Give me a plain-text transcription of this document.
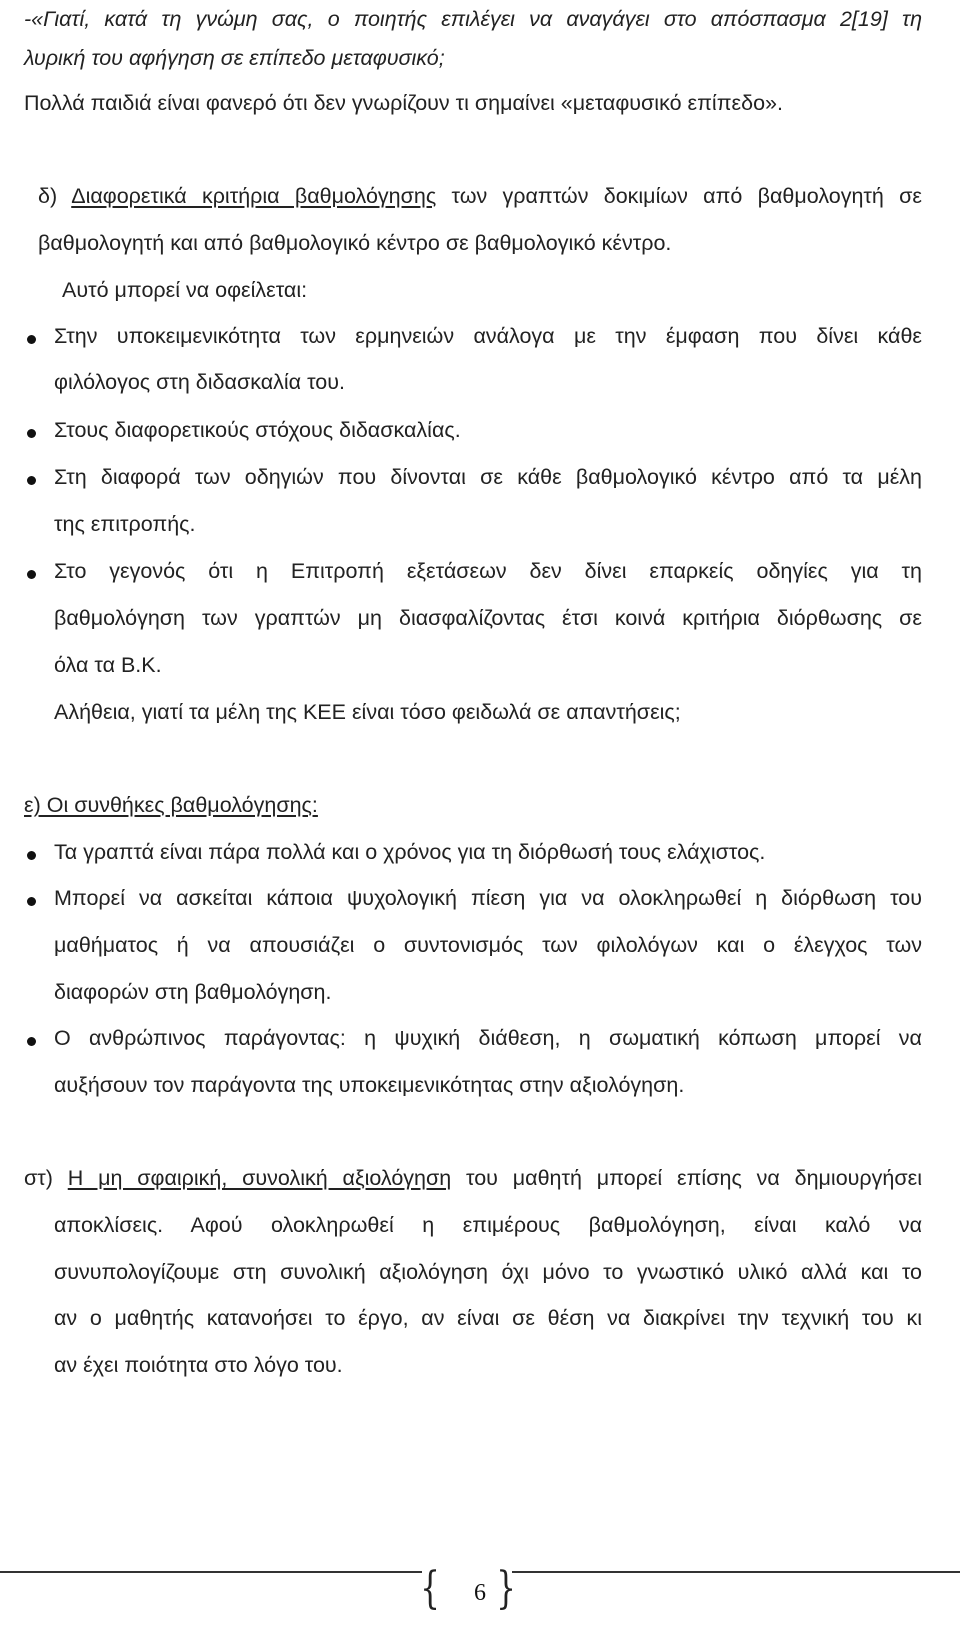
-«Γιατί, κατά τη γνώμη σας, ο ποιητής επιλέγει να αναγάγει στο απόσπασμα 2[19] τη
λυρική του αφήγηση σε επίπεδο μεταφυσικό;
Πολλά παιδιά είναι φανερό ότι δεν γνωρίζουν τι σημαίνει «μεταφυσικό επίπεδο».
δ) Διαφορετικά κριτήρια βαθμολόγησης των γραπτών δοκιμίων από βαθμολογητή σε
βαθμολογητή και από βαθμολογικό κέντρο σε βαθμολογικό κέντρο.
Αυτό μπορεί να οφείλεται:
Στην υποκειμενικότητα των ερμηνειών ανάλογα με την έμφαση που δίνει κάθε
φιλόλογος στη διδασκαλία του.
Στους διαφορετικούς στόχους διδασκαλίας.
Στη διαφορά των οδηγιών που δίνονται σε κάθε βαθμολογικό κέντρο από τα μέλη
της επιτροπής.
Στο γεγονός ότι η Επιτροπή εξετάσεων δεν δίνει επαρκείς οδηγίες για τη
βαθμολόγηση των γραπτών μη διασφαλίζοντας έτσι κοινά κριτήρια διόρθωσης σε
όλα τα Β.Κ.
Αλήθεια, γιατί τα μέλη της ΚΕΕ είναι τόσο φειδωλά σε απαντήσεις;
ε) Οι συνθήκες βαθμολόγησης:
Τα γραπτά είναι πάρα πολλά και ο χρόνος για τη διόρθωσή τους ελάχιστος.
Μπορεί να ασκείται κάποια ψυχολογική πίεση για να ολοκληρωθεί η διόρθωση του
μαθήματος ή να απουσιάζει ο συντονισμός των φιλολόγων και ο έλεγχος των
διαφορών στη βαθμολόγηση.
Ο ανθρώπινος παράγοντας: η ψυχική διάθεση, η σωματική κόπωση μπορεί να
αυξήσουν τον παράγοντα της υποκειμενικότητας στην αξιολόγηση.
στ) Η μη σφαιρική, συνολική αξιολόγηση του μαθητή μπορεί επίσης να δημιουργήσει
αποκλίσεις. Αφού ολοκληρωθεί η επιμέρους βαθμολόγηση, είναι καλό να
συνυπολογίζουμε στη συνολική αξιολόγηση όχι μόνο το γνωστικό υλικό αλλά και το
αν ο μαθητής κατανοήσει το έργο, αν είναι σε θέση να διακρίνει την τεχνική του κι
αν έχει ποιότητα στο λόγο του.
{ }
6
